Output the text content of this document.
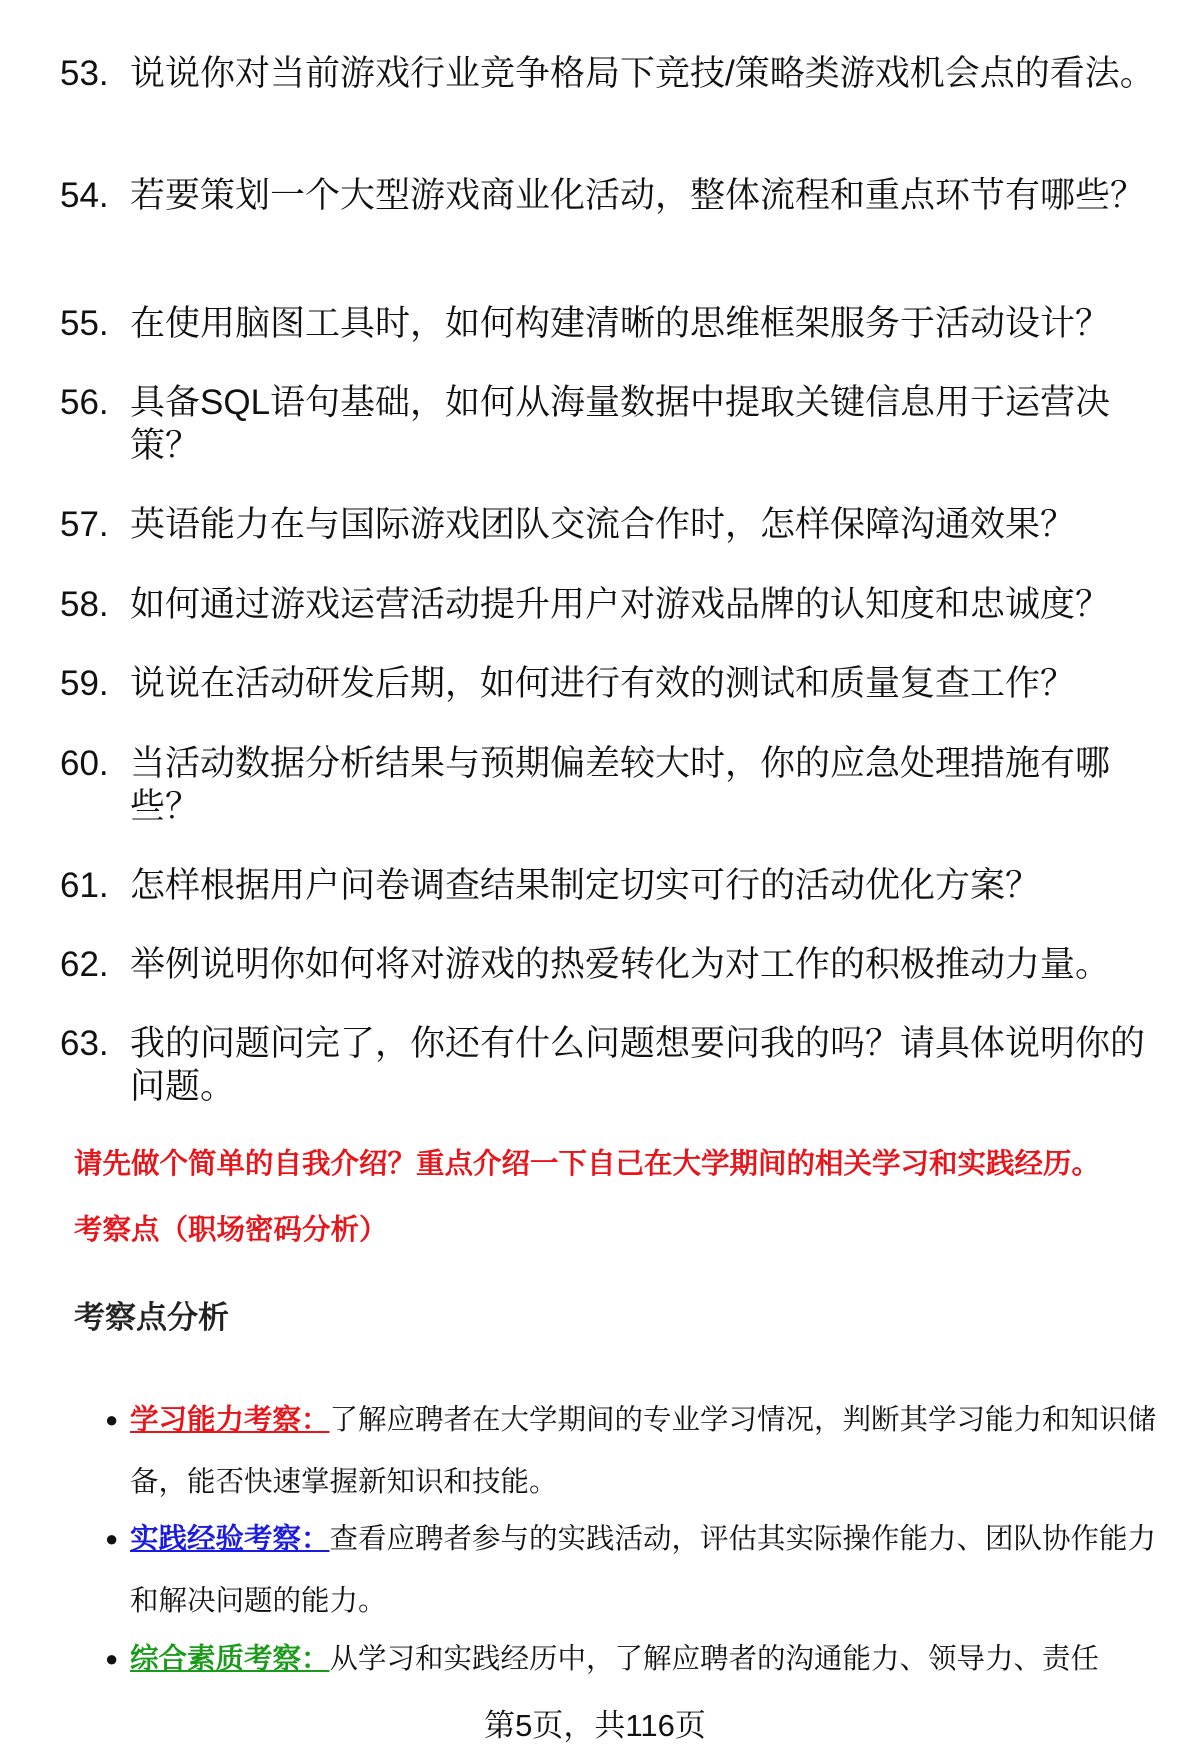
53. 说说你对当前游戏行业竞争格局下竞技/策略类游戏机会点的看法。
54. 若要策划一个大型游戏商业化活动，整体流程和重点环节有哪些？
55. 在使用脑图工具时，如何构建清晰的思维框架服务于活动设计？
56. 具备SQL语句基础，如何从海量数据中提取关键信息用于运营决策？
57. 英语能力在与国际游戏团队交流合作时，怎样保障沟通效果？
58. 如何通过游戏运营活动提升用户对游戏品牌的认知度和忠诚度？
59. 说说在活动研发后期，如何进行有效的测试和质量复查工作？
60. 当活动数据分析结果与预期偏差较大时，你的应急处理措施有哪些？
61. 怎样根据用户问卷调查结果制定切实可行的活动优化方案？
62. 举例说明你如何将对游戏的热爱转化为对工作的积极推动力量。
63. 我的问题问完了，你还有什么问题想要问我的吗？请具体说明你的问题。
请先做个简单的自我介绍？重点介绍一下自己在大学期间的相关学习和实践经历。
考察点（职场密码分析）
考察点分析
● 学习能力考察：了解应聘者在大学期间的专业学习情况，判断其学习能力和知识储备，能否快速掌握新知识和技能。
● 实践经验考察：查看应聘者参与的实践活动，评估其实际操作能力、团队协作能力和解决问题的能力。
● 综合素质考察：从学习和实践经历中，了解应聘者的沟通能力、领导力、责任
第5页，共116页
